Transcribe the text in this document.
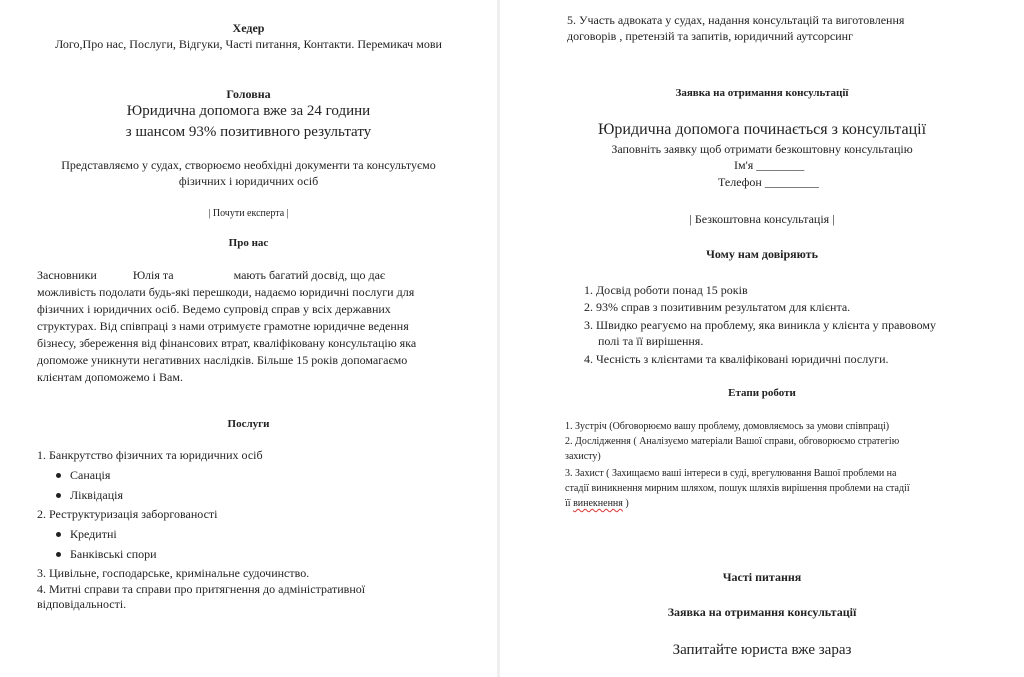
Хедер

Лого,Про нас, Послуги, Відгуки, Часті питання, Контакти. Перемикач мови

Головна

Юридична допомога вже за 24 години

з шансом 93% позитивного результату

Представляємо у судах, створюємо необхідні документи та консультуємо

фізичних і юридичних осіб

| Почути експерта |

Про нас

Засновники	Юлія та	мають багатий досвід, що дає
можливість подолати будь-які перешкоди, надаємо юридичні послуги для
фізичних і юридичних осіб. Ведемо супровід справ у всіх державних
структурах. Від співпраці з нами отримуєте грамотне юридичне ведення
бізнесу, збереження від фінансових втрат, кваліфіковану консультацію яка
допоможе уникнути негативних наслідків. Більше 15 років допомагаємо
клієнтам допоможемо і Вам.

Послуги

1. Банкрутство фізичних та юридичних осіб

Санація
Ліквідація

2. Реструктуризація заборгованості

Кредитні
Банківські спори

3. Цивільне, господарське, кримінальне судочинство.

4. Митні справи та справи про притягнення до адміністративної

відповідальності.

5. Участь адвоката у судах, надання консультацій та виготовлення

договорів , претензій та запитів, юридичний аутсорсинг

Заявка на отримання консультації

Юридична допомога починається з консультації

Заповніть заявку щоб отримати безкоштовну консультацію

Ім'я ________

Телефон _________

| Безкоштовна консультація |

Чому нам довіряють

1. Досвід роботи понад 15 років

2. 93% справ з позитивним результатом для клієнта.

3. Швидко реагуємо на проблему, яка виникла у клієнта у правовому

полі та її вирішення.

4. Чесність з клієнтами та кваліфіковані юридичні послуги.

Етапи роботи

1. Зустріч (Обговорюємо вашу проблему, домовляємось за умови співпраці)

2. Дослідження ( Аналізуємо матеріали Вашої справи, обговорюємо стратегію

захисту)

3. Захист ( Захищаємо ваші інтереси в суді, врегулювання Вашої проблеми на

стадії виникнення мирним шляхом, пошук шляхів вирішення проблеми на стадії

її винекнення )

Часті питання

Заявка на отримання консультації

Запитайте юриста вже зараз
